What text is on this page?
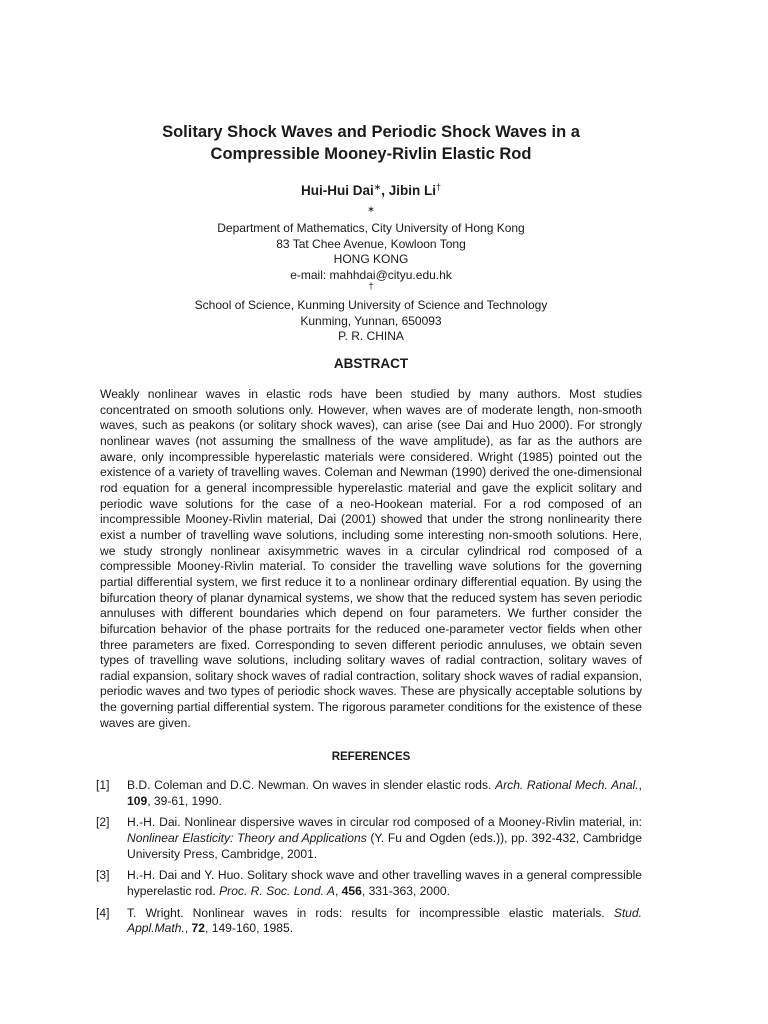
Solitary Shock Waves and Periodic Shock Waves in a
Compressible Mooney-Rivlin Elastic Rod

Hui-Hui Dai∗, Jibin Li†

∗
Department of Mathematics, City University of Hong Kong
83 Tat Chee Avenue, Kowloon Tong
HONG KONG
e-mail: mahhdai@cityu.edu.hk
†
School of Science, Kunming University of Science and Technology
Kunming, Yunnan, 650093
P. R. CHINA
ABSTRACT

Weakly nonlinear waves in elastic rods have been studied by many authors. Most studies concentrated on smooth solutions only. However, when waves are of moderate length, non-smooth waves, such as peakons (or solitary shock waves), can arise (see Dai and Huo 2000). For strongly nonlinear waves (not assuming the smallness of the wave amplitude), as far as the authors are aware, only incompressible hyperelastic materials were considered. Wright (1985) pointed out the existence of a variety of travelling waves. Coleman and Newman (1990) derived the one-dimensional rod equation for a general incompressible hyperelastic material and gave the explicit solitary and periodic wave solutions for the case of a neo-Hookean material. For a rod composed of an incompressible Mooney-Rivlin material, Dai (2001) showed that under the strong nonlinearity there exist a number of travelling wave solutions, including some interesting non-smooth solutions. Here, we study strongly nonlinear axisymmetric waves in a circular cylindrical rod composed of a compressible Mooney-Rivlin material. To consider the travelling wave solutions for the governing partial differential system, we first reduce it to a nonlinear ordinary differential equation. By using the bifurcation theory of planar dynamical systems, we show that the reduced system has seven periodic annuluses with different boundaries which depend on four parameters. We further consider the bifurcation behavior of the phase portraits for the reduced one-parameter vector fields when other three parameters are fixed. Corresponding to seven different periodic annuluses, we obtain seven types of travelling wave solutions, including solitary waves of radial contraction, solitary waves of radial expansion, solitary shock waves of radial contraction, solitary shock waves of radial expansion, periodic waves and two types of periodic shock waves. These are physically acceptable solutions by the governing partial differential system. The rigorous parameter conditions for the existence of these waves are given.

REFERENCES
[1] B.D. Coleman and D.C. Newman. On waves in slender elastic rods. Arch. Rational Mech. Anal., 109, 39-61, 1990.
[2] H.-H. Dai. Nonlinear dispersive waves in circular rod composed of a Mooney-Rivlin material, in: Nonlinear Elasticity: Theory and Applications (Y. Fu and Ogden (eds.)), pp. 392-432, Cambridge University Press, Cambridge, 2001.
[3] H.-H. Dai and Y. Huo. Solitary shock wave and other travelling waves in a general compressible hyperelastic rod. Proc. R. Soc. Lond. A, 456, 331-363, 2000.
[4] T. Wright. Nonlinear waves in rods: results for incompressible elastic materials. Stud. Appl.Math., 72, 149-160, 1985.
